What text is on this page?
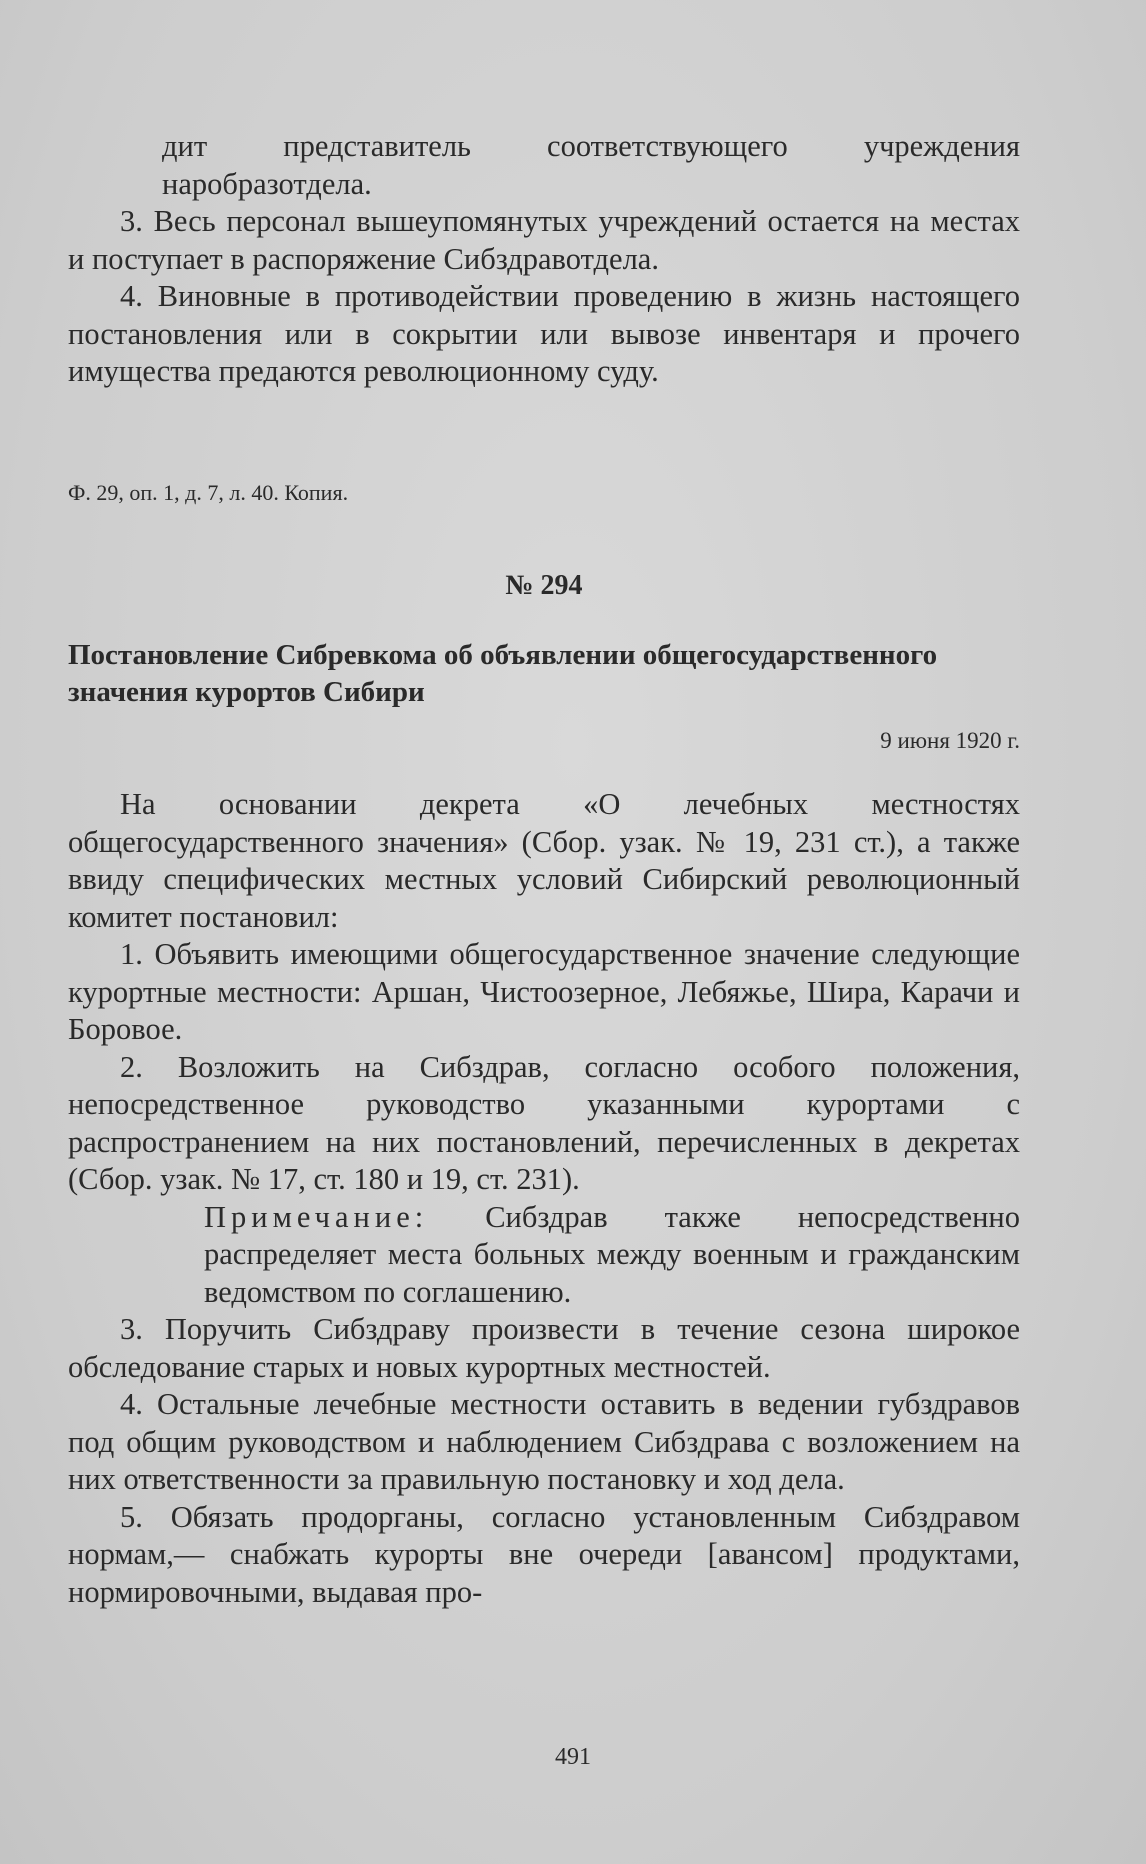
дит представитель соответствующего учреждения наробразотдела.

3. Весь персонал вышеупомянутых учреждений остается на местах и поступает в распоряжение Сибздравотдела.

4. Виновные в противодействии проведению в жизнь настоящего постановления или в сокрытии или вывозе инвентаря и прочего имущества предаются революционному суду.

Ф. 29, оп. 1, д. 7, л. 40. Копия.

№ 294

Постановление Сибревкома об объявлении общегосударственного значения курортов Сибири

9 июня 1920 г.

На основании декрета «О лечебных местностях общегосударственного значения» (Сбор. узак. № 19, 231 ст.), а также ввиду специфических местных условий Сибирский революционный комитет постановил:

1. Объявить имеющими общегосударственное значение следующие курортные местности: Аршан, Чистоозерное, Лебяжье, Шира, Карачи и Боровое.

2. Возложить на Сибздрав, согласно особого положения, непосредственное руководство указанными курортами с распространением на них постановлений, перечисленных в декретах (Сбор. узак. № 17, ст. 180 и 19, ст. 231).

Примечание: Сибздрав также непосредственно распределяет места больных между военным и гражданским ведомством по соглашению.

3. Поручить Сибздраву произвести в течение сезона широкое обследование старых и новых курортных местностей.

4. Остальные лечебные местности оставить в ведении губздравов под общим руководством и наблюдением Сибздрава с возложением на них ответственности за правильную постановку и ход дела.

5. Обязать продорганы, согласно установленным Сибздравом нормам,— снабжать курорты вне очереди [авансом] продуктами, нормировочными, выдавая про-

491
